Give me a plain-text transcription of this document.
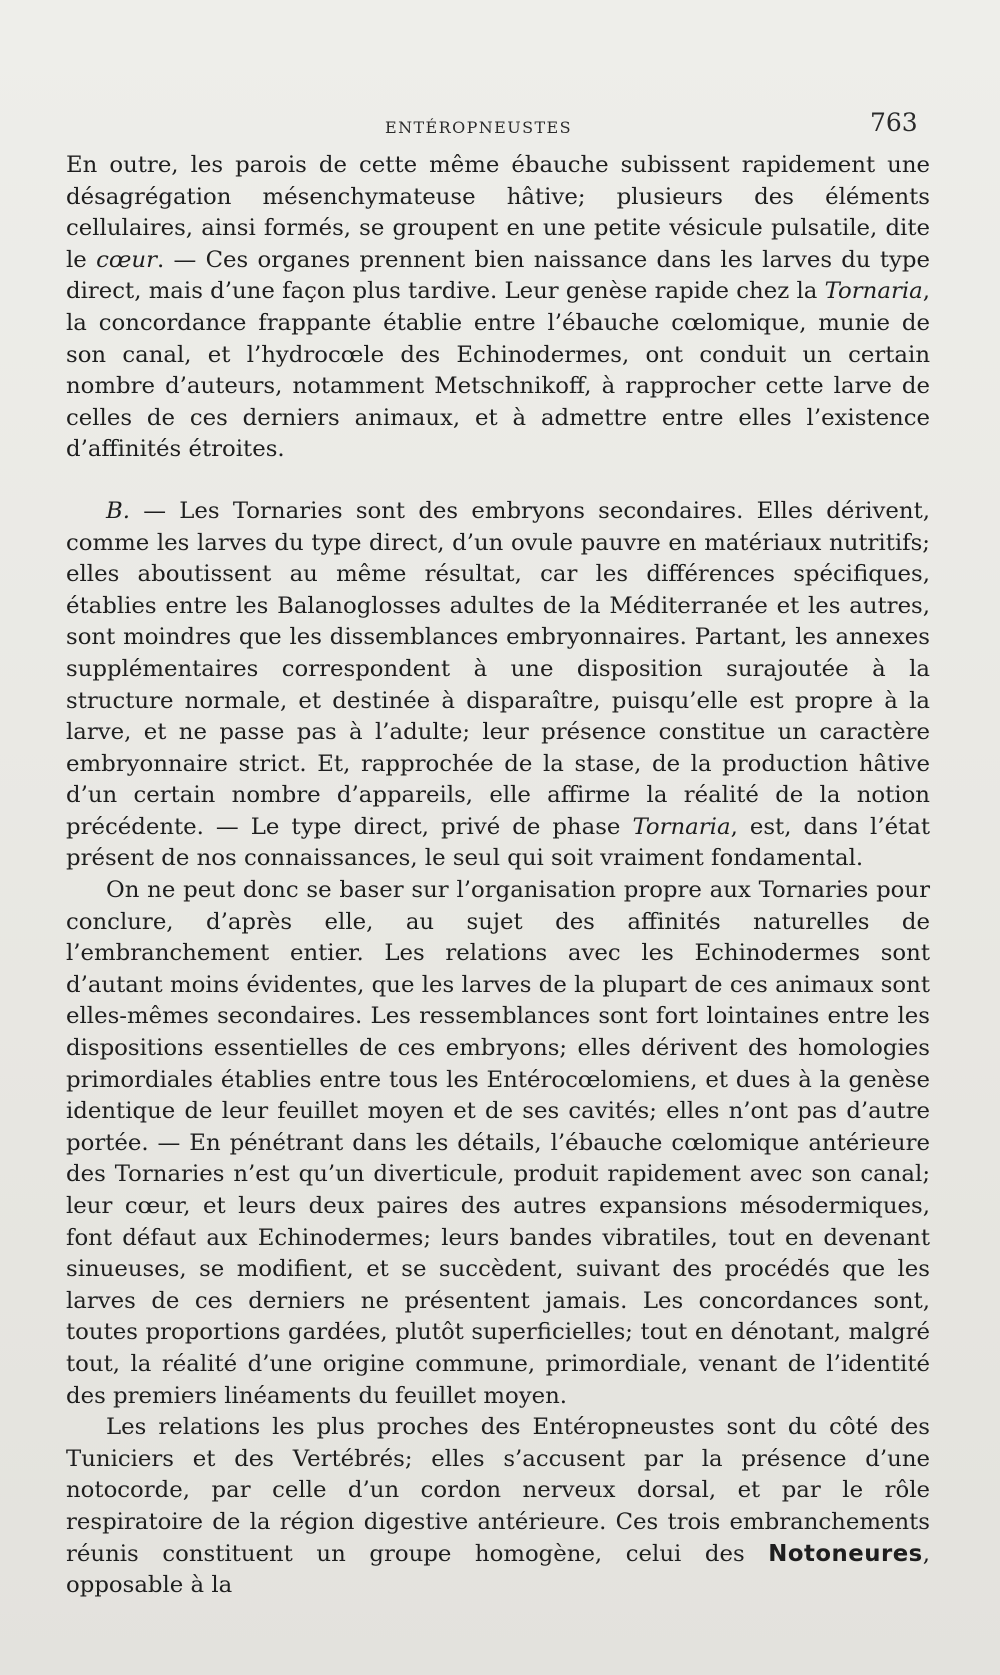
ENTÉROPNEUSTES	763

En outre, les parois de cette même ébauche subissent rapidement une désagrégation mésenchymateuse hâtive; plusieurs des éléments cellulaires, ainsi formés, se groupent en une petite vésicule pulsatile, dite le cœur. — Ces organes prennent bien naissance dans les larves du type direct, mais d’une façon plus tardive. Leur genèse rapide chez la Tornaria, la concordance frappante établie entre l’ébauche cœlomique, munie de son canal, et l’hydrocœle des Echinodermes, ont conduit un certain nombre d’auteurs, notamment Metschnikoff, à rapprocher cette larve de celles de ces derniers animaux, et à admettre entre elles l’existence d’affinités étroites.

B. — Les Tornaries sont des embryons secondaires. Elles dérivent, comme les larves du type direct, d’un ovule pauvre en matériaux nutritifs; elles aboutissent au même résultat, car les différences spécifiques, établies entre les Balanoglosses adultes de la Méditerranée et les autres, sont moindres que les dissemblances embryonnaires. Partant, les annexes supplémentaires correspondent à une disposition surajoutée à la structure normale, et destinée à disparaître, puisqu’elle est propre à la larve, et ne passe pas à l’adulte; leur présence constitue un caractère embryonnaire strict. Et, rapprochée de la stase, de la production hâtive d’un certain nombre d’appareils, elle affirme la réalité de la notion précédente. — Le type direct, privé de phase Tornaria, est, dans l’état présent de nos connaissances, le seul qui soit vraiment fondamental.

On ne peut donc se baser sur l’organisation propre aux Tornaries pour conclure, d’après elle, au sujet des affinités naturelles de l’embranchement entier. Les relations avec les Echinodermes sont d’autant moins évidentes, que les larves de la plupart de ces animaux sont elles-mêmes secondaires. Les ressemblances sont fort lointaines entre les dispositions essentielles de ces embryons; elles dérivent des homologies primordiales établies entre tous les Entérocœlomiens, et dues à la genèse identique de leur feuillet moyen et de ses cavités; elles n’ont pas d’autre portée. — En pénétrant dans les détails, l’ébauche cœlomique antérieure des Tornaries n’est qu’un diverticule, produit rapidement avec son canal; leur cœur, et leurs deux paires des autres expansions mésodermiques, font défaut aux Echinodermes; leurs bandes vibratiles, tout en devenant sinueuses, se modifient, et se succèdent, suivant des procédés que les larves de ces derniers ne présentent jamais. Les concordances sont, toutes proportions gardées, plutôt superficielles; tout en dénotant, malgré tout, la réalité d’une origine commune, primordiale, venant de l’identité des premiers linéaments du feuillet moyen.

Les relations les plus proches des Entéropneustes sont du côté des Tuniciers et des Vertébrés; elles s’accusent par la présence d’une notocorde, par celle d’un cordon nerveux dorsal, et par le rôle respiratoire de la région digestive antérieure. Ces trois embranchements réunis constituent un groupe homogène, celui des Notoneures, opposable à la
